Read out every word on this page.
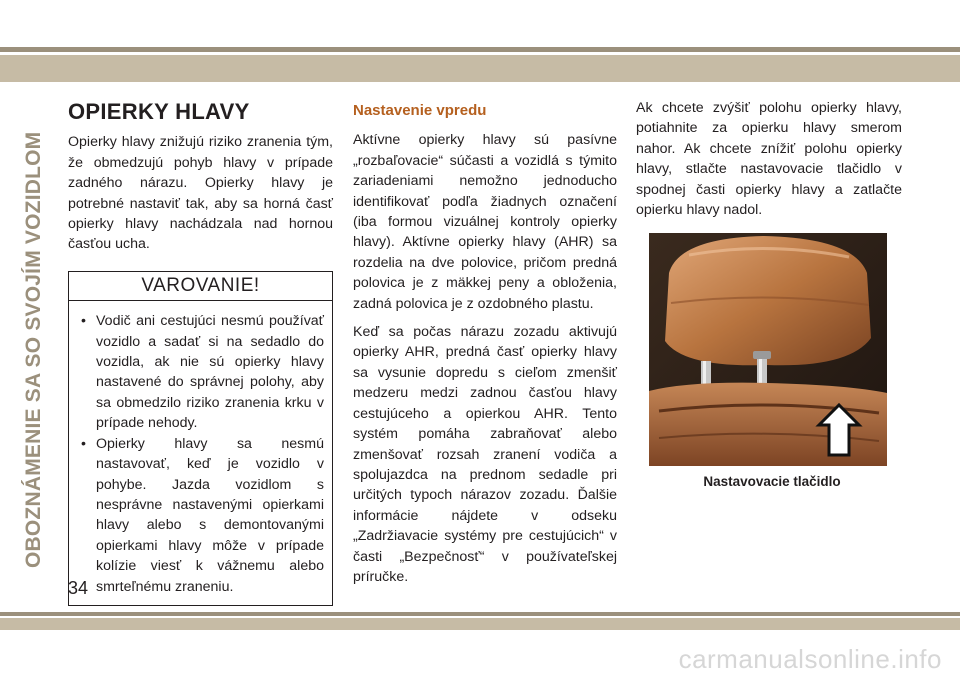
OBOZNÁMENIE SA SO SVOJÍM VOZIDLOM
OPIERKY HLAVY

Opierky hlavy znižujú riziko zranenia tým, že obmedzujú pohyb hlavy v prípade zadného nárazu. Opierky hlavy je potrebné nastaviť tak, aby sa horná časť opierky hlavy nachádzala nad hornou časťou ucha.

VAROVANIE!
• Vodič ani cestujúci nesmú používať vozidlo a sadať si na sedadlo do vozidla, ak nie sú opierky hlavy nastavené do správnej polohy, aby sa obmedzilo riziko zranenia krku v prípade nehody.
• Opierky hlavy sa nesmú nastavovať, keď je vozidlo v pohybe. Jazda vozidlom s nesprávne nastavenými opierkami hlavy alebo s demontovanými opierkami hlavy môže v prípade kolízie viesť k vážnemu alebo smrteľnému zraneniu.
Nastavenie vpredu

Aktívne opierky hlavy sú pasívne „rozbaľovacie“ súčasti a vozidlá s týmito zariadeniami nemožno jednoducho identifikovať podľa žiadnych označení (iba formou vizuálnej kontroly opierky hlavy). Aktívne opierky hlavy (AHR) sa rozdelia na dve polovice, pričom predná polovica je z mäkkej peny a obloženia, zadná polovica je z ozdobného plastu.

Keď sa počas nárazu zozadu aktivujú opierky AHR, predná časť opierky hlavy sa vysunie dopredu s cieľom zmenšiť medzeru medzi zadnou časťou hlavy cestujúceho a opierkou AHR. Tento systém pomáha zabraňovať alebo zmenšovať rozsah zranení vodiča a spolujazdca na prednom sedadle pri určitých typoch nárazov zozadu. Ďalšie informácie nájdete v odseku „Zadržiavacie systémy pre cestujúcich“ v časti „Bezpečnosť“ v používateľskej príručke.

Ak chcete zvýšiť polohu opierky hlavy, potiahnite za opierku hlavy smerom nahor. Ak chcete znížiť polohu opierky hlavy, stlačte nastavovacie tlačidlo v spodnej časti opierky hlavy a zatlačte opierku hlavy nadol.

Nastavovacie tlačidlo
34
carmanualsonline.info
